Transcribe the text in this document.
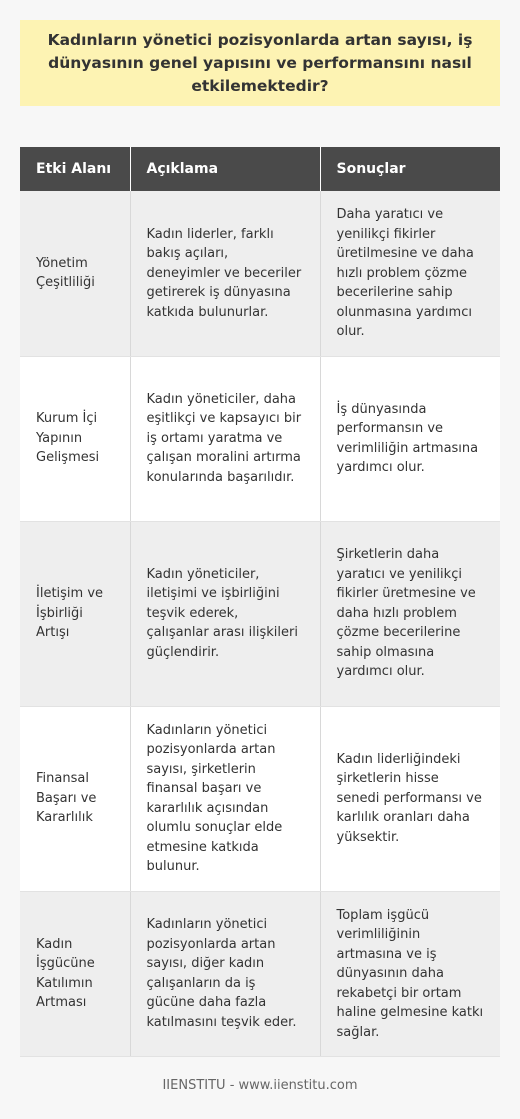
Kadınların yönetici pozisyonlarda artan sayısı, iş dünyasının genel yapısını ve performansını nasıl etkilemektedir?
Etki Alanı	Açıklama	Sonuçlar
Yönetim Çeşitliliği	Kadın liderler, farklı bakış açıları, deneyimler ve beceriler getirerek iş dünyasına katkıda bulunurlar.	Daha yaratıcı ve yenilikçi fikirler üretilmesine ve daha hızlı problem çözme becerilerine sahip olunmasına yardımcı olur.
Kurum İçi Yapının Gelişmesi	Kadın yöneticiler, daha eşitlikçi ve kapsayıcı bir iş ortamı yaratma ve çalışan moralini artırma konularında başarılıdır.	İş dünyasında performansın ve verimliliğin artmasına yardımcı olur.
İletişim ve İşbirliği Artışı	Kadın yöneticiler, iletişimi ve işbirliğini teşvik ederek, çalışanlar arası ilişkileri güçlendirir.	Şirketlerin daha yaratıcı ve yenilikçi fikirler üretmesine ve daha hızlı problem çözme becerilerine sahip olmasına yardımcı olur.
Finansal Başarı ve Kararlılık	Kadınların yönetici pozisyonlarda artan sayısı, şirketlerin finansal başarı ve kararlılık açısından olumlu sonuçlar elde etmesine katkıda bulunur.	Kadın liderliğindeki şirketlerin hisse senedi performansı ve karlılık oranları daha yüksektir.
Kadın İşgücüne Katılımın Artması	Kadınların yönetici pozisyonlarda artan sayısı, diğer kadın çalışanların da iş gücüne daha fazla katılmasını teşvik eder.	Toplam işgücü verimliliğinin artmasına ve iş dünyasının daha rekabetçi bir ortam haline gelmesine katkı sağlar.
IIENSTITU - www.iienstitu.com
